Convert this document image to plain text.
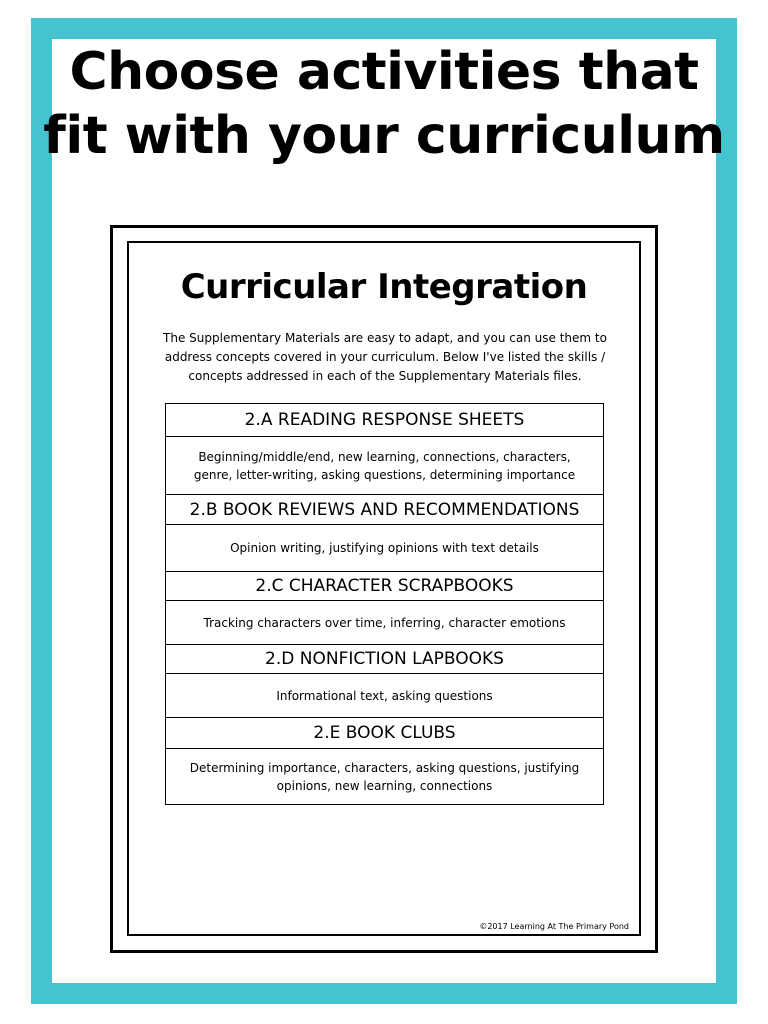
Choose activities that
fit with your curriculum
Curricular Integration
The Supplementary Materials are easy to adapt, and you can use them to address concepts covered in your curriculum. Below I've listed the skills / concepts addressed in each of the Supplementary Materials files.
2.A READING RESPONSE SHEETS
Beginning/middle/end, new learning, connections, characters, genre, letter-writing, asking questions, determining importance
2.B BOOK REVIEWS AND RECOMMENDATIONS
Opinion writing, justifying opinions with text details
2.C CHARACTER SCRAPBOOKS
Tracking characters over time, inferring, character emotions
2.D NONFICTION LAPBOOKS
Informational text, asking questions
2.E BOOK CLUBS
Determining importance, characters, asking questions, justifying opinions, new learning, connections
©2017 Learning At The Primary Pond
